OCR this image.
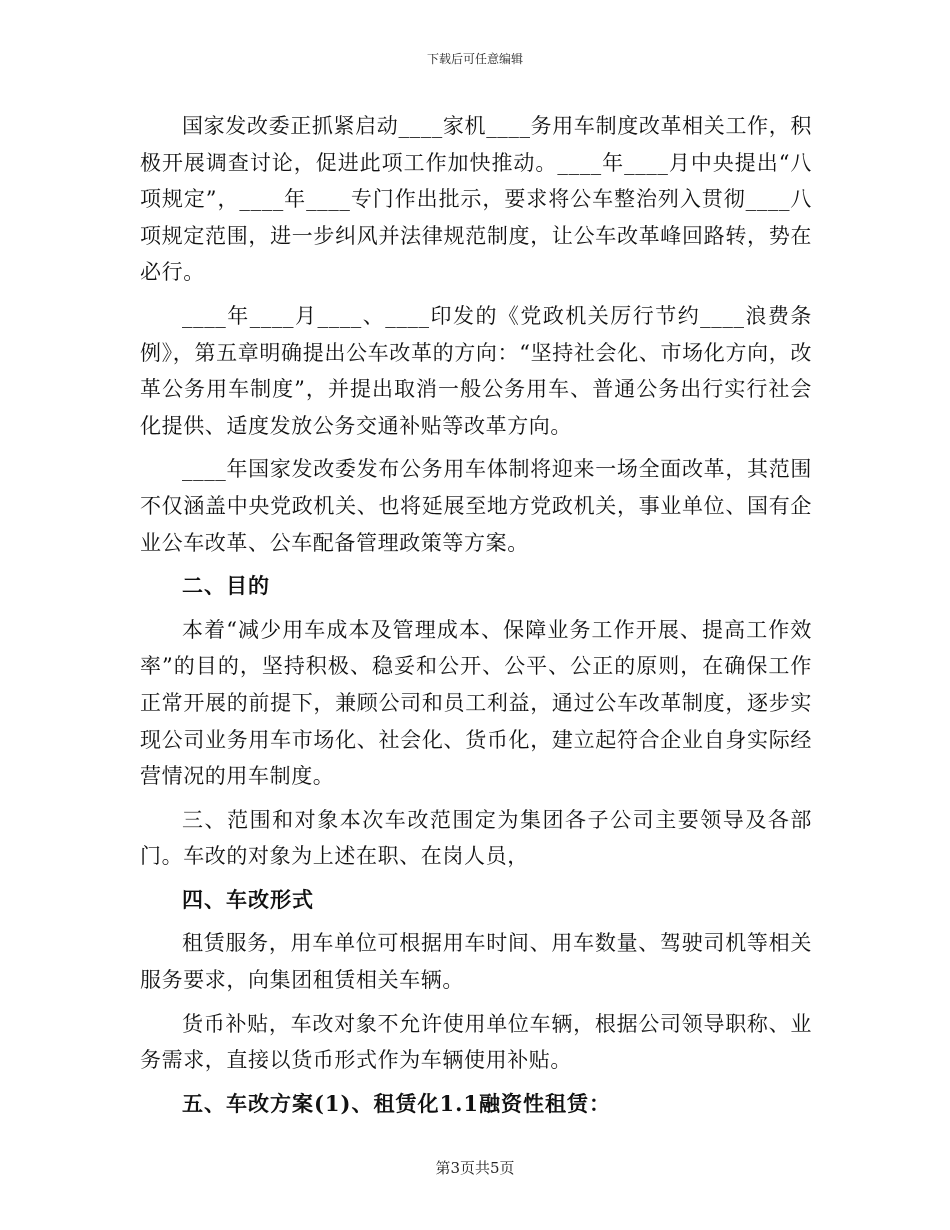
下载后可任意编辑

国家发改委正抓紧启动____家机____务用车制度改革相关工作，积极开展调查讨论，促进此项工作加快推动。____年____月中央提出“八项规定”，____年____专门作出批示，要求将公车整治列入贯彻____八项规定范围，进一步纠风并法律规范制度，让公车改革峰回路转，势在必行。

____年____月____、____印发的《党政机关厉行节约____浪费条例》，第五章明确提出公车改革的方向：“坚持社会化、市场化方向，改革公务用车制度”，并提出取消一般公务用车、普通公务出行实行社会化提供、适度发放公务交通补贴等改革方向。

____年国家发改委发布公务用车体制将迎来一场全面改革，其范围不仅涵盖中央党政机关、也将延展至地方党政机关，事业单位、国有企业公车改革、公车配备管理政策等方案。

二、目的

本着“减少用车成本及管理成本、保障业务工作开展、提高工作效率”的目的，坚持积极、稳妥和公开、公平、公正的原则，在确保工作正常开展的前提下，兼顾公司和员工利益，通过公车改革制度，逐步实现公司业务用车市场化、社会化、货币化，建立起符合企业自身实际经营情况的用车制度。

三、范围和对象本次车改范围定为集团各子公司主要领导及各部门。车改的对象为上述在职、在岗人员，

四、车改形式

租赁服务，用车单位可根据用车时间、用车数量、驾驶司机等相关服务要求，向集团租赁相关车辆。

货币补贴，车改对象不允许使用单位车辆，根据公司领导职称、业务需求，直接以货币形式作为车辆使用补贴。

五、车改方案(1)、租赁化1.1融资性租赁：

第3页共5页
